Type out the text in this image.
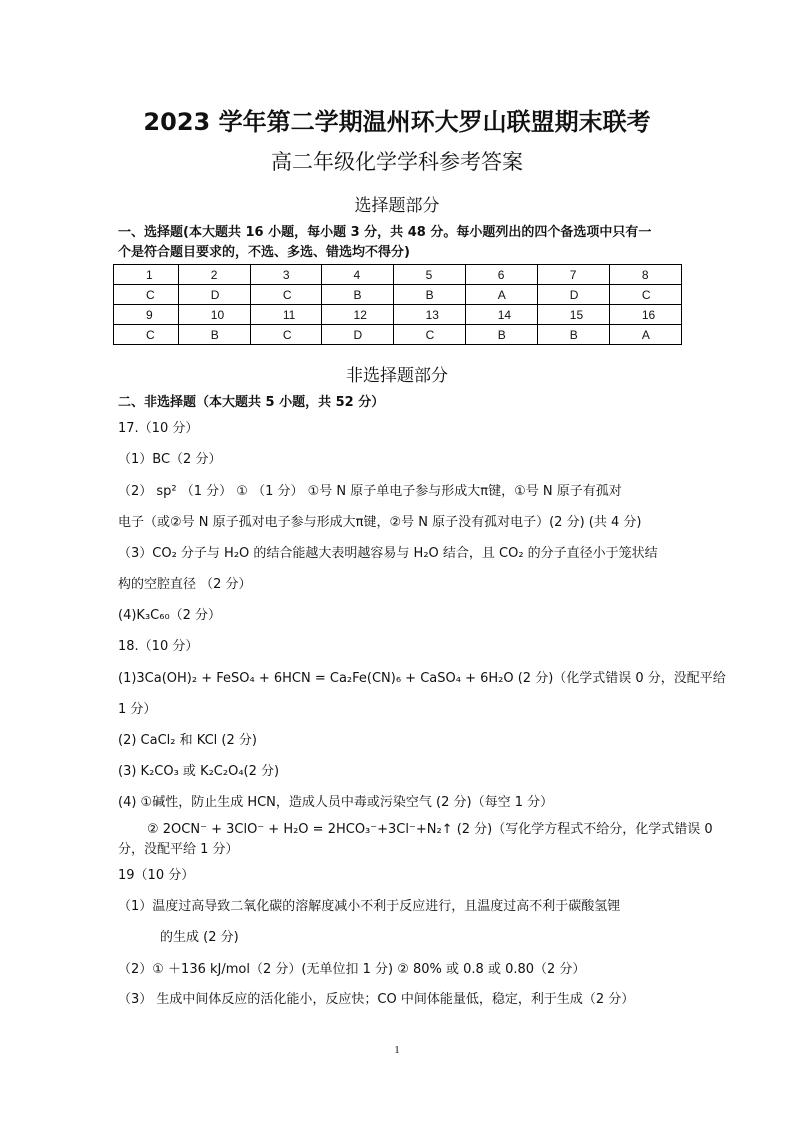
2023 学年第二学期温州环大罗山联盟期末联考
高二年级化学学科参考答案
选择题部分
一、选择题(本大题共 16 小题，每小题 3 分，共 48 分。每小题列出的四个备选项中只有一
个是符合题目要求的，不选、多选、错选均不得分)
1	2	3	4	5	6	7	8
C	D	C	B	B	A	D	C
9	10	11	12	13	14	15	16
C	B	C	D	C	B	B	A
非选择题部分
二、非选择题（本大题共 5 小题，共 52 分）
17.（10 分）
（1）BC（2 分）
（2） sp² （1 分） ① （1 分） ①号 N 原子单电子参与形成大π键，①号 N 原子有孤对
电子（或②号 N 原子孤对电子参与形成大π键，②号 N 原子没有孤对电子）(2 分) (共 4 分)
（3）CO₂ 分子与 H₂O 的结合能越大表明越容易与 H₂O 结合，且 CO₂ 的分子直径小于笼状结
构的空腔直径 （2 分）
(4)K₃C₆₀（2 分）
18.（10 分）
(1)3Ca(OH)₂ + FeSO₄ + 6HCN = Ca₂Fe(CN)₆ + CaSO₄ + 6H₂O (2 分)（化学式错误 0 分，没配平给
1 分）
(2) CaCl₂ 和 KCl (2 分)
(3) K₂CO₃ 或 K₂C₂O₄(2 分)
(4) ①碱性，防止生成 HCN，造成人员中毒或污染空气 (2 分)（每空 1 分）
② 2OCN⁻ + 3ClO⁻ + H₂O = 2HCO₃⁻+3Cl⁻+N₂↑ (2 分)（写化学方程式不给分，化学式错误 0
分，没配平给 1 分）
19（10 分）
（1）温度过高导致二氧化碳的溶解度减小不利于反应进行，且温度过高不利于碳酸氢锂
的生成 (2 分)
（2）① ＋136 kJ/mol（2 分）(无单位扣 1 分) ② 80% 或 0.8 或 0.80（2 分）
（3） 生成中间体反应的活化能小，反应快；CO 中间体能量低，稳定，利于生成（2 分）
1
